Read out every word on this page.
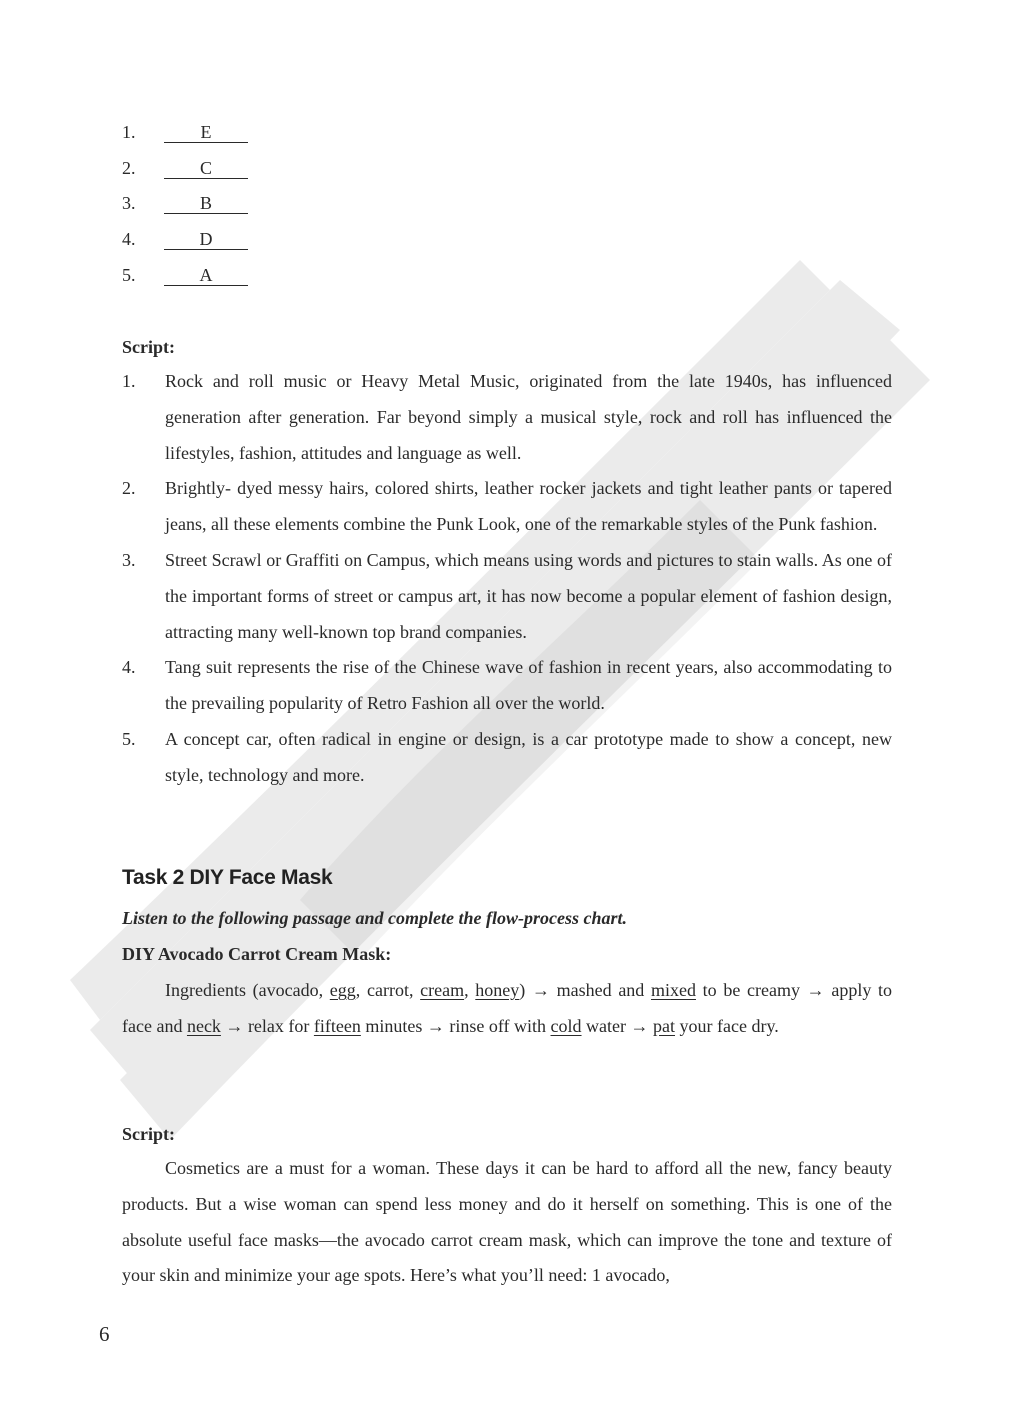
1.	E
2.	C
3.	B
4.	D
5.	A
Script:
1. Rock and roll music or Heavy Metal Music, originated from the late 1940s, has influenced generation after generation. Far beyond simply a musical style, rock and roll has influenced the lifestyles, fashion, attitudes and language as well.
2. Brightly- dyed messy hairs, colored shirts, leather rocker jackets and tight leather pants or tapered jeans, all these elements combine the Punk Look, one of the remarkable styles of the Punk fashion.
3. Street Scrawl or Graffiti on Campus, which means using words and pictures to stain walls. As one of the important forms of street or campus art, it has now become a popular element of fashion design, attracting many well-known top brand companies.
4. Tang suit represents the rise of the Chinese wave of fashion in recent years, also accommodating to the prevailing popularity of Retro Fashion all over the world.
5. A concept car, often radical in engine or design, is a car prototype made to show a concept, new style, technology and more.
Task 2 DIY Face Mask
Listen to the following passage and complete the flow-process chart.
DIY Avocado Carrot Cream Mask:

Ingredients (avocado, egg, carrot, cream, honey) → mashed and mixed to be creamy → apply to face and neck → relax for fifteen minutes → rinse off with cold water → pat your face dry.

Script:

Cosmetics are a must for a woman. These days it can be hard to afford all the new, fancy beauty products. But a wise woman can spend less money and do it herself on something. This is one of the absolute useful face masks—the avocado carrot cream mask, which can improve the tone and texture of your skin and minimize your age spots. Here’s what you’ll need: 1 avocado,

6
